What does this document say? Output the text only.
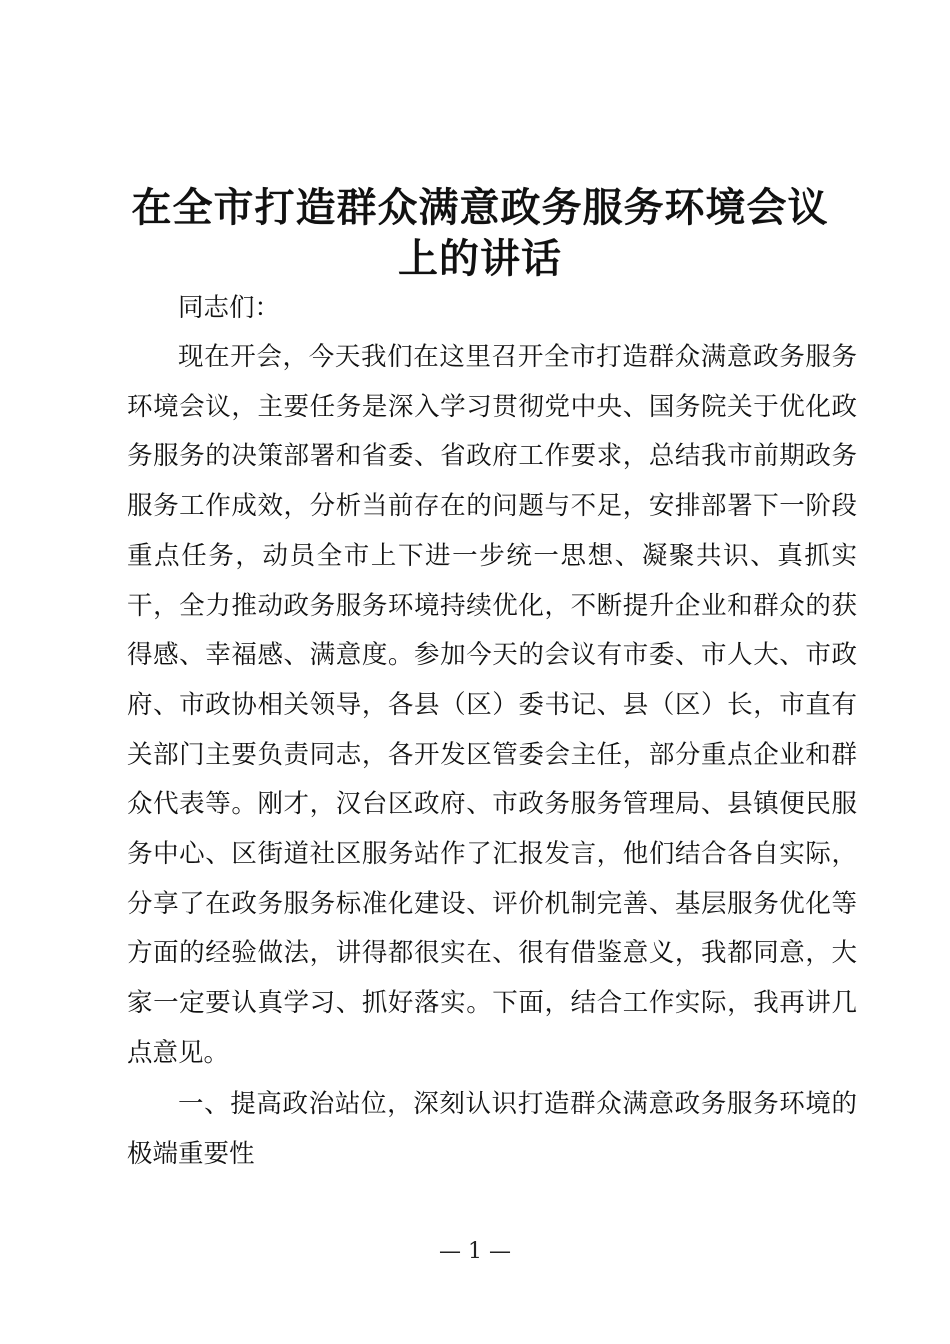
在全市打造群众满意政务服务环境会议
上的讲话
同志们：
现在开会，今天我们在这里召开全市打造群众满意政务服务环境会议，主要任务是深入学习贯彻党中央、国务院关于优化政务服务的决策部署和省委、省政府工作要求，总结我市前期政务服务工作成效，分析当前存在的问题与不足，安排部署下一阶段重点任务，动员全市上下进一步统一思想、凝聚共识、真抓实干，全力推动政务服务环境持续优化，不断提升企业和群众的获得感、幸福感、满意度。参加今天的会议有市委、市人大、市政府、市政协相关领导，各县（区）委书记、县（区）长，市直有关部门主要负责同志，各开发区管委会主任，部分重点企业和群众代表等。刚才，汉台区政府、市政务服务管理局、县镇便民服务中心、区街道社区服务站作了汇报发言，他们结合各自实际，分享了在政务服务标准化建设、评价机制完善、基层服务优化等方面的经验做法，讲得都很实在、很有借鉴意义，我都同意，大家一定要认真学习、抓好落实。下面，结合工作实际，我再讲几点意见。
一、提高政治站位，深刻认识打造群众满意政务服务环境的极端重要性
— 1 —
